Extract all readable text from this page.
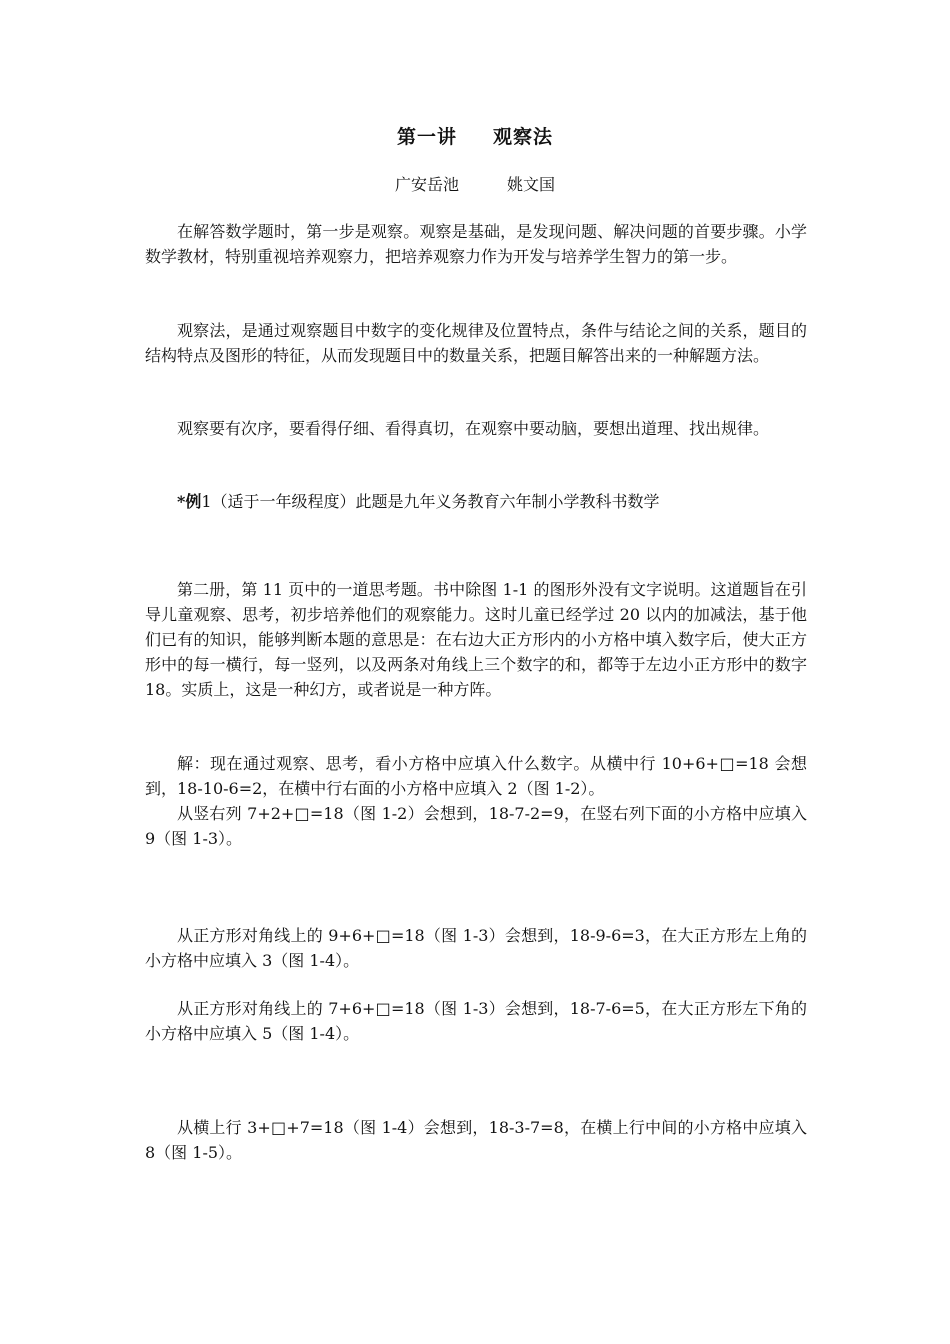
第一讲 观察法
广安岳池	姚文国

在解答数学题时，第一步是观察。观察是基础，是发现问题、解决问题的首要步骤。小学数学教材，特别重视培养观察力，把培养观察力作为开发与培养学生智力的第一步。

观察法，是通过观察题目中数字的变化规律及位置特点，条件与结论之间的关系，题目的结构特点及图形的特征，从而发现题目中的数量关系，把题目解答出来的一种解题方法。

观察要有次序，要看得仔细、看得真切，在观察中要动脑，要想出道理、找出规律。

*例1（适于一年级程度）此题是九年义务教育六年制小学教科书数学

第二册，第 11 页中的一道思考题。书中除图 1-1 的图形外没有文字说明。这道题旨在引导儿童观察、思考，初步培养他们的观察能力。这时儿童已经学过 20 以内的加减法，基于他们已有的知识，能够判断本题的意思是：在右边大正方形内的小方格中填入数字后，使大正方形中的每一横行，每一竖列，以及两条对角线上三个数字的和，都等于左边小正方形中的数字 18。实质上，这是一种幻方，或者说是一种方阵。

解：现在通过观察、思考，看小方格中应填入什么数字。从横中行 10+6+□=18 会想到，18-10-6=2，在横中行右面的小方格中应填入 2（图 1-2）。

从竖右列 7+2+□=18（图 1-2）会想到，18-7-2=9，在竖右列下面的小方格中应填入 9（图 1-3）。

从正方形对角线上的 9+6+□=18（图 1-3）会想到，18-9-6=3，在大正方形左上角的小方格中应填入 3（图 1-4）。

从正方形对角线上的 7+6+□=18（图 1-3）会想到，18-7-6=5，在大正方形左下角的小方格中应填入 5（图 1-4）。

从横上行 3+□+7=18（图 1-4）会想到，18-3-7=8，在横上行中间的小方格中应填入 8（图 1-5）。
